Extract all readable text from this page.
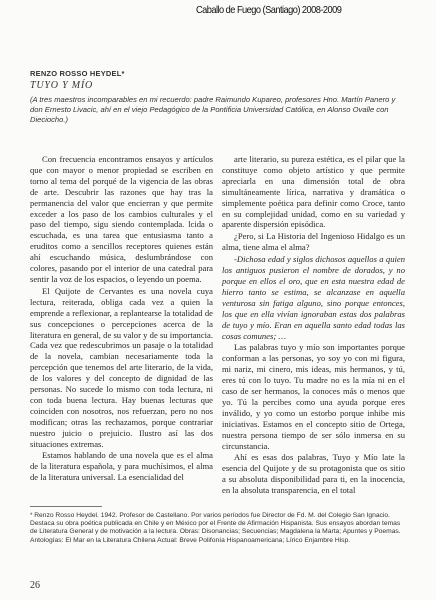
Caballo de Fuego (Santiago) 2008-2009
RENZO ROSSO HEYDEL*
TUYO Y MÍO
(A tres maestros incomparables en mi recuerdo: padre Raimundo Kupareo, profesores Hno. Martín Panero y don Ernesto Livacic, ahí en el viejo Pedagógico de la Pontificia Universidad Católica, en Alonso Ovalle con Dieciocho.)

Con frecuencia encontramos ensayos y artículos que con mayor o menor propiedad se escriben en torno al tema del porqué de la vigencia de las obras de arte. Descubrir las razones que hay tras la permanencia del valor que encierran y que permite exceder a los paso de los cambios culturales y el paso del tiempo, sigu siendo contemplada. lcida o escuchada, es una tarea que entusiasma tanto a eruditos como a sencillos receptores quienes están ahí escuchando música, deslumbrándose con colores, pasando por el interior de una catedral para sentir la voz de los espacios, o leyendo un poema.

El Quijote de Cervantes es una novela cuya lectura, reiterada, obliga cada vez a quien la emprende a reflexionar, a replantearse la totalidad de sus concepciones o percepciones acerca de la literatura en general, de su valor y de su importancia. Cada vez que redescubrimos un pasaje o la totalidad de la novela, cambian necesariamente toda la percepción que tenemos del arte literario, de la vida, de los valores y del concepto de dignidad de las personas. No sucede lo mismo con toda lectura, ni con toda buena lectura. Hay buenas lecturas que coinciden con nosotros, nos refuerzan, pero no nos modifican; otras las rechazamos, porque contrariar nuestro juicio o prejuicio. Ilustro así las dos situaciones extremas.

Estamos hablando de una novela que es el alma de la literatura española, y para muchísimos, el alma de la literatura universal. La esencialidad del

arte literario, su pureza estética, es el pilar que la constituye como objeto artístico y que permite apreciarla en una dimensión total de obra simultáneamente lírica, narrativa y dramática o simplemente poética para definir como Croce, tanto en su complejidad unidad, como en su variedad y aparente dispersión episódica.

¿Pero, si La Historia del Ingenioso Hidalgo es un alma, tiene alma el alma?

-Dichosa edad y siglos dichosos aquellos a quien los antiguos pusieron el nombre de dorados, y no porque en ellos el oro, que en esta nuestra edad de hierro tanto se estima, se alcanzase en aquella venturosa sin fatiga alguno, sino porque entonces, los que en ella vivían ignoraban estas dos palabras de tuyo y mío. Eran en aquella santo edad todas las cosas comunes; …

Las palabras tuyo y mío son importantes porque conforman a las personas, yo soy yo con mi figura, mi nariz, mi cinero, mis ideas, mis hermanos, y tú, eres tú con lo tuyo. Tu madre no es la mía ni en el caso de ser hermanos, la conoces más o menos que yo. Tú la percibes como una ayuda porque eres inválido, y yo como un estorbo porque inhibe mis iniciativas. Estamos en el concepto sitio de Ortega, nuestra persona tiempo de ser sólo inmersa en su circunstancia.

Ahí es esas dos palabras, Tuyo y Mío late la esencia del Quijote y de su protagonista que os sitio a su absoluta disponibilidad para ti, en la inocencia, en la absoluta transparencia, en el total

* Renzo Rosso Heydel. 1942. Profesor de Castellano. Por varios períodos fue Director de Fd. M. del Colegio San Ignacio. Destaca su obra poética publicada en Chile y en México por el Frente de Afirmación Hispanista. Sus ensayos abordan temas de Literatura General y de motivación a la lectura. Obras: Disonancias; Secuencias; Magdalena la Marta; Apuntes y Poemas. Antologías: El Mar en la Literatura Chilena Actual: Breve Polifonía Hispanoamericana; Lírico Enjambre Hisp.
26
